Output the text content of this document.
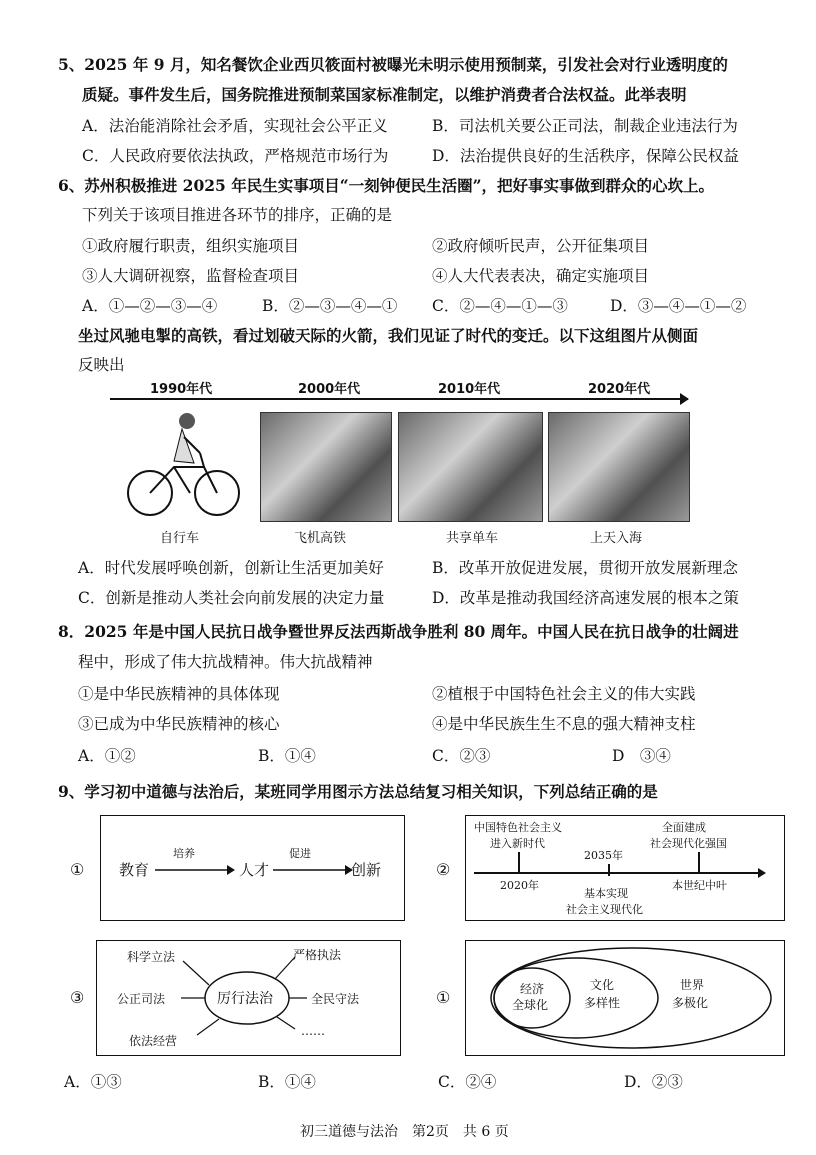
5、2025 年 9 月，知名餐饮企业西贝筱面村被曝光未明示使用预制菜，引发社会对行业透明度的
质疑。事件发生后，国务院推进预制菜国家标准制定，以维护消费者合法权益。此举表明
A．法治能消除社会矛盾，实现社会公平正义	B．司法机关要公正司法，制裁企业违法行为
C．人民政府要依法执政，严格规范市场行为	D．法治提供良好的生活秩序，保障公民权益
6、苏州积极推进 2025 年民生实事项目“一刻钟便民生活圈”，把好事实事做到群众的心坎上。
下列关于该项目推进各环节的排序，正确的是
①政府履行职责，组织实施项目	②政府倾听民声，公开征集项目
③人大调研视察，监督检查项目	④人大代表表决，确定实施项目
A．①—②—③—④	B．②—③—④—① C．②—④—①—③	D．③—④—①—②
坐过风驰电掣的高铁，看过划破天际的火箭，我们见证了时代的变迁。以下这组图片从侧面
反映出
1990年代	2000年代	2010年代	2020年代
自行车	飞机高铁	共享单车	上天入海
A．时代发展呼唤创新，创新让生活更加美好	B．改革开放促进发展，贯彻开放发展新理念
C．创新是推动人类社会向前发展的决定力量	D．改革是推动我国经济高速发展的根本之策
8．2025 年是中国人民抗日战争暨世界反法西斯战争胜利 80 周年。中国人民在抗日战争的壮阔进
程中，形成了伟大抗战精神。伟大抗战精神
①是中华民族精神的具体体现	②植根于中国特色社会主义的伟大实践
③已成为中华民族精神的核心	④是中华民族生生不息的强大精神支柱
A．①②	B．①④	C．②③	D　③④
9、学习初中道德与法治后，某班同学用图示方法总结复习相关知识，下列总结正确的是
① 教育
培养
人才
促进
创新	②
中国特色社会主义
进入新时代
2035年
全面建成
社会现代化强国
2020年
基本实现
社会主义现代化
本世纪中叶
③	厉行法治
科学立法	严格执法
公正司法	全民守法
依法经营
……
①	经济
全球化
文化
多样性
世界
多极化
A．①③	B．①④	C．②④	D．②③
初三道德与法治　第2页　共 6 页
